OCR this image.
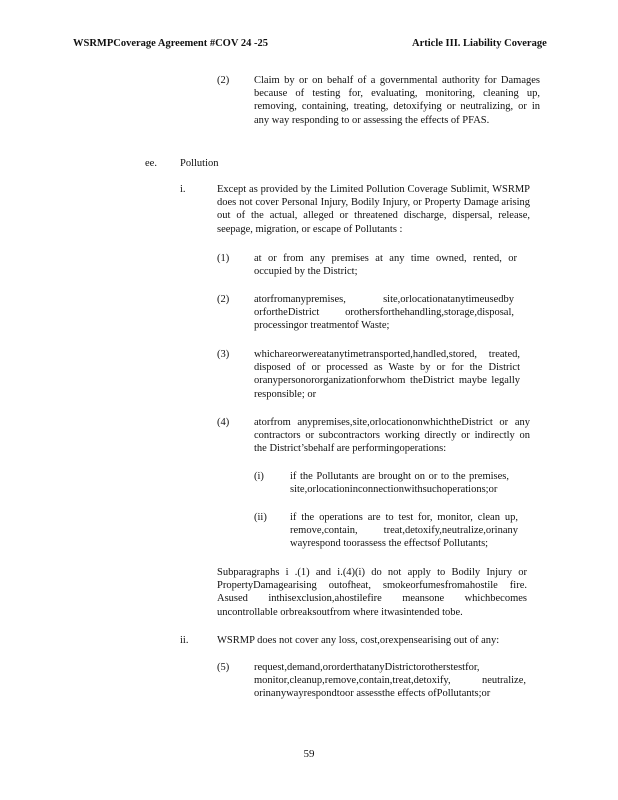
WSRMPCoverage Agreement #COV 24 -25	Article III. Liability Coverage
(2) Claim by or on behalf of a governmental authority for Damages because of testing for, evaluating, monitoring, cleaning up, removing, containing, treating, detoxifying or neutralizing, or in any way responding to or assessing the effects of PFAS.
ee. Pollution
i.	Except as provided by the Limited Pollution Coverage Sublimit, WSRMP does not cover Personal Injury, Bodily Injury, or Property Damage arising out of the actual, alleged or threatened discharge, dispersal, release, seepage, migration, or escape of Pollutants :
(1) at or from any premises at any time owned, rented, or occupied by the District;
(2) atorfromanypremises, site,orlocationatanytimeusedby orfortheDistrict orothersforthehandling,storage,disposal, processingor treatmentof Waste;
(3) whichareorwereatanytimetransported,handled,stored, treated, disposed of or processed as Waste by or for the District oranypersonororganizationforwhom theDistrict maybe legally responsible; or
(4) atorfrom anypremises,site,orlocationonwhichtheDistrict or any contractors or subcontractors working directly or indirectly on the District’sbehalf are performingoperations:
(i) if the Pollutants are brought on or to the premises, site,orlocationinconnectionwithsuchoperations;or
(ii) if the operations are to test for, monitor, clean up, remove,contain, treat,detoxify,neutralize,orinany wayrespond toorassess the effectsof Pollutants;
Subparagraphs i .(1) and i.(4)(i) do not apply to Bodily Injury or PropertyDamagearising outofheat, smokeorfumesfromahostile fire. Asused inthisexclusion,ahostilefire meansone whichbecomes uncontrollable orbreaksoutfrom where itwasintended tobe.
ii.	WSRMP does not cover any loss, cost,orexpensearising out of any:
(5) request,demand,ororderthatanyDistrictorotherstestfor, monitor,cleanup,remove,contain,treat,detoxify, neutralize, orinanywayrespondtoor assessthe effects ofPollutants;or
59
